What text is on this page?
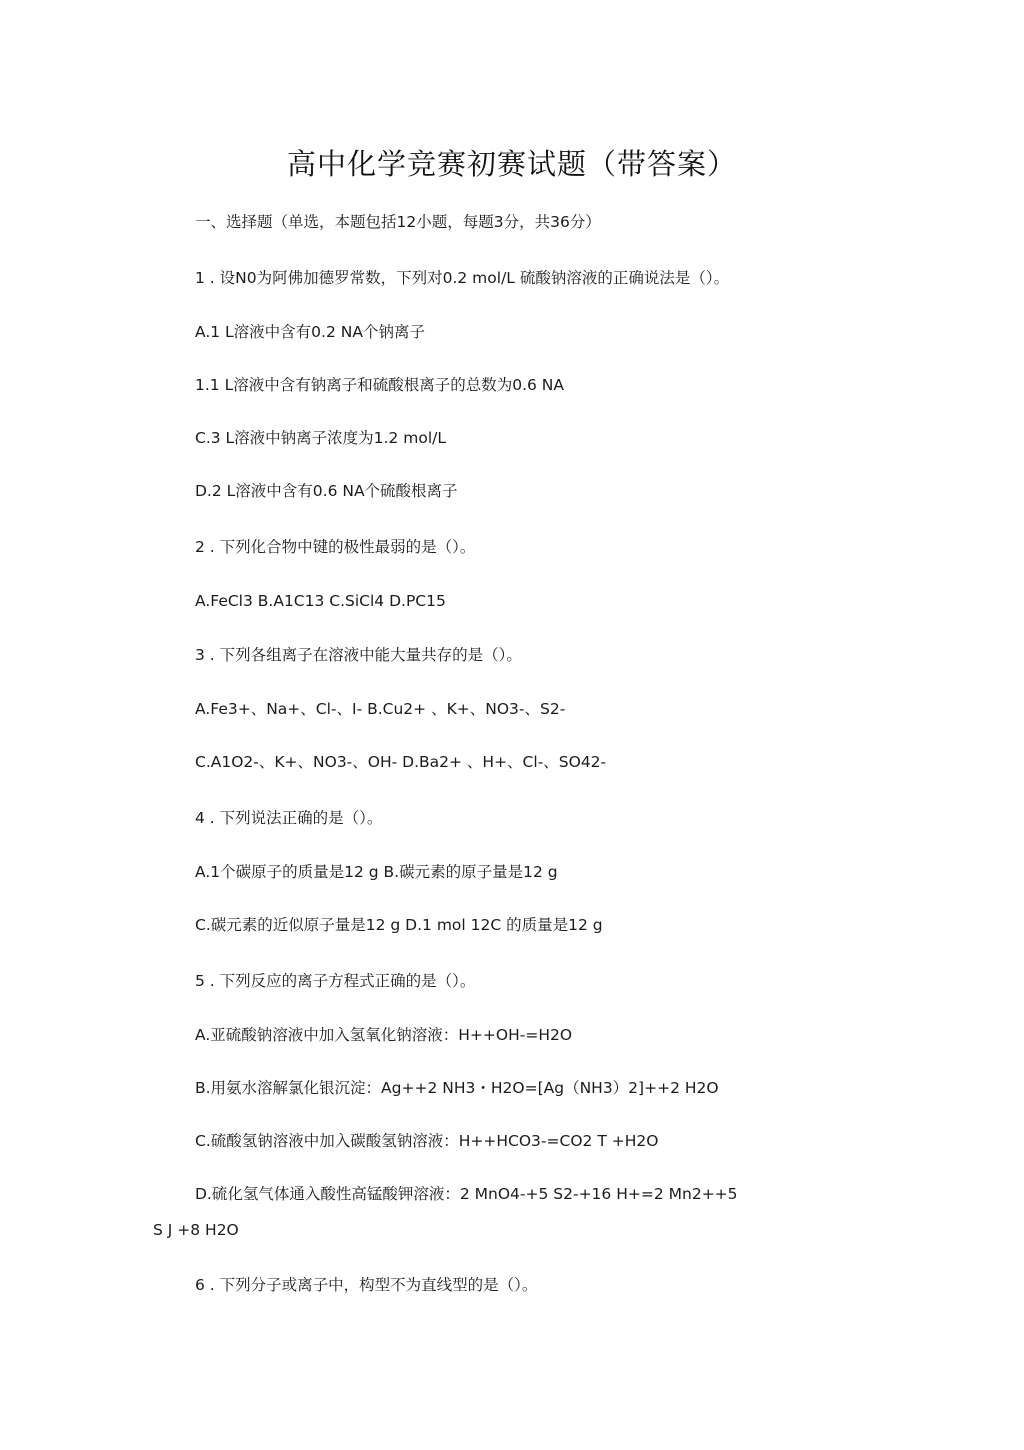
高中化学竞赛初赛试题（带答案）
一、选择题（单选，本题包括12小题，每题3分，共36分）
1 . 设N0为阿佛加德罗常数，下列对0.2 mol/L 硫酸钠溶液的正确说法是（）。
A.1 L溶液中含有0.2 NA个钠离子
1.1 L溶液中含有钠离子和硫酸根离子的总数为0.6 NA
C.3 L溶液中钠离子浓度为1.2 mol/L
D.2 L溶液中含有0.6 NA个硫酸根离子
2 . 下列化合物中键的极性最弱的是（）。
A.FeCl3 B.A1C13 C.SiCl4 D.PC15
3 . 下列各组离子在溶液中能大量共存的是（）。
A.Fe3+、Na+、Cl-、I- B.Cu2+ 、K+、NO3-、S2-
C.A1O2-、K+、NO3-、OH- D.Ba2+ 、H+、Cl-、SO42-
4 . 下列说法正确的是（）。
A.1个碳原子的质量是12 g B.碳元素的原子量是12 g
C.碳元素的近似原子量是12 g D.1 mol 12C 的质量是12 g
5 . 下列反应的离子方程式正确的是（）。
A.亚硫酸钠溶液中加入氢氧化钠溶液：H++OH-=H2O
B.用氨水溶解氯化银沉淀：Ag++2 NH3・H2O=[Ag（NH3）2]++2 H2O
C.硫酸氢钠溶液中加入碳酸氢钠溶液：H++HCO3-=CO2 T +H2O
D.硫化氢气体通入酸性高锰酸钾溶液：2 MnO4-+5 S2-+16 H+=2 Mn2++5
S J +8 H2O
6 . 下列分子或离子中，构型不为直线型的是（）。
